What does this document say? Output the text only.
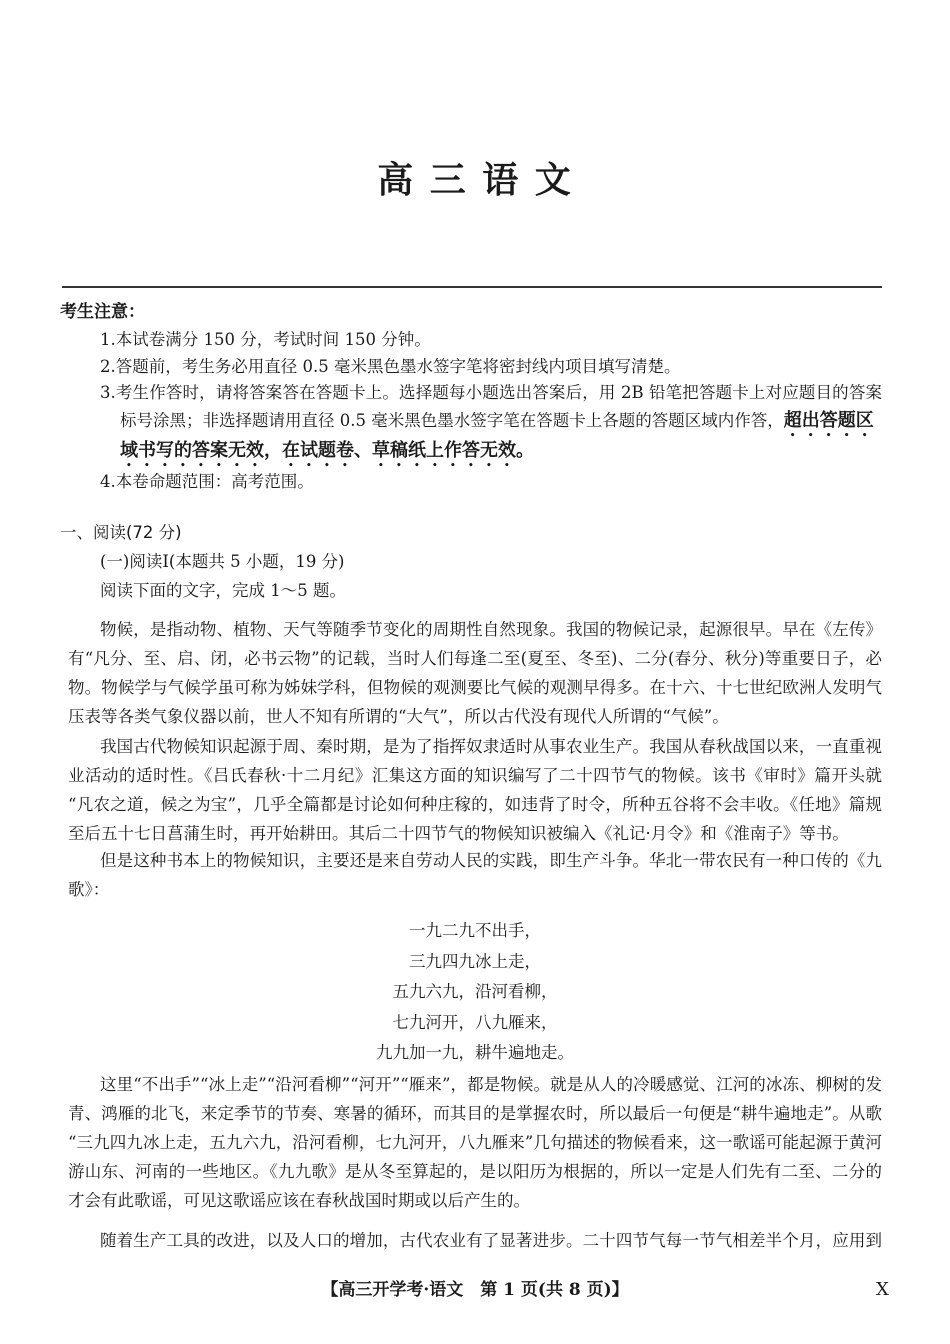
高 三 语 文
考生注意：
1.本试卷满分 150 分，考试时间 150 分钟。
2.答题前，考生务必用直径 0.5 毫米黑色墨水签字笔将密封线内项目填写清楚。
3.考生作答时，请将答案答在答题卡上。选择题每小题选出答案后，用 2B 铅笔把答题卡上对应题目的答案
标号涂黑；非选择题请用直径 0.5 毫米黑色墨水签字笔在答题卡上各题的答题区域内作答，超出答题区
域书写的答案无效，在试题卷、草稿纸上作答无效。
4.本卷命题范围：高考范围。
一、阅读(72 分)
(一)阅读Ⅰ(本题共 5 小题，19 分)
阅读下面的文字，完成 1～5 题。
物候，是指动物、植物、天气等随季节变化的周期性自然现象。我国的物候记录，起源很早。早在《左传》
有“凡分、至、启、闭，必书云物”的记载，当时人们每逢二至(夏至、冬至)、二分(春分、秋分)等重要日子，必
物。物候学与气候学虽可称为姊妹学科，但物候的观测要比气候的观测早得多。在十六、十七世纪欧洲人发明气
压表等各类气象仪器以前，世人不知有所谓的“大气”，所以古代没有现代人所谓的“气候”。
我国古代物候知识起源于周、秦时期，是为了指挥奴隶适时从事农业生产。我国从春秋战国以来，一直重视
业活动的适时性。《吕氏春秋·十二月纪》汇集这方面的知识编写了二十四节气的物候。该书《审时》篇开头就
“凡农之道，候之为宝”，几乎全篇都是讨论如何种庄稼的，如违背了时令，所种五谷将不会丰收。《任地》篇规
至后五十七日菖蒲生时，再开始耕田。其后二十四节气的物候知识被编入《礼记·月令》和《淮南子》等书。
但是这种书本上的物候知识，主要还是来自劳动人民的实践，即生产斗争。华北一带农民有一种口传的《九
歌》：
一九二九不出手，
三九四九冰上走，
五九六九，沿河看柳，
七九河开，八九雁来，
九九加一九，耕牛遍地走。
这里“不出手”“冰上走”“沿河看柳”“河开”“雁来”，都是物候。就是从人的冷暖感觉、江河的冰冻、柳树的发
青、鸿雁的北飞，来定季节的节奏、寒暑的循环，而其目的是掌握农时，所以最后一句便是“耕牛遍地走”。从歌
“三九四九冰上走，五九六九，沿河看柳，七九河开，八九雁来”几句描述的物候看来，这一歌谣可能起源于黄河
游山东、河南的一些地区。《九九歌》是从冬至算起的，是以阳历为根据的，所以一定是人们先有二至、二分的
才会有此歌谣，可见这歌谣应该在春秋战国时期或以后产生的。
随着生产工具的改进，以及人口的增加，古代农业有了显著进步。二十四节气每一节气相差半个月，应用到
【高三开学考·语文　第 1 页(共 8 页)】	X
